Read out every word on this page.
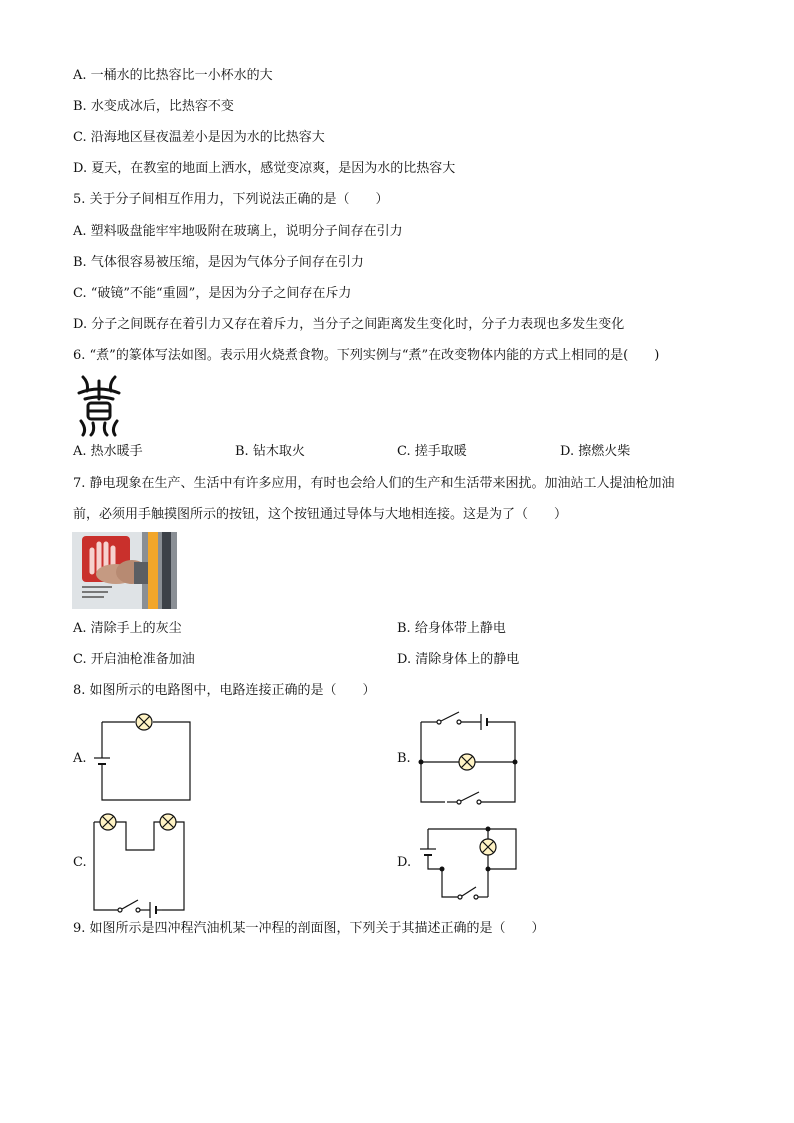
A. 一桶水的比热容比一小杯水的大
B. 水变成冰后，比热容不变
C. 沿海地区昼夜温差小是因为水的比热容大
D. 夏天，在教室的地面上洒水，感觉变凉爽，是因为水的比热容大
5. 关于分子间相互作用力，下列说法正确的是（　　）
A. 塑料吸盘能牢牢地吸附在玻璃上，说明分子间存在引力
B. 气体很容易被压缩，是因为气体分子间存在引力
C. “破镜”不能“重圆”，是因为分子之间存在斥力
D. 分子之间既存在着引力又存在着斥力，当分子之间距离发生变化时，分子力表现也多发生变化
6. “煮”的篆体写法如图。表示用火烧煮食物。下列实例与“煮”在改变物体内能的方式上相同的是(　　)
A. 热水暖手	B. 钻木取火	C. 搓手取暖	D. 擦燃火柴
7. 静电现象在生产、生活中有许多应用，有时也会给人们的生产和生活带来困扰。加油站工人提油枪加油
前，必须用手触摸图所示的按钮，这个按钮通过导体与大地相连接。这是为了（　　）
A. 清除手上的灰尘	B. 给身体带上静电
C. 开启油枪准备加油	D. 清除身体上的静电
8. 如图所示的电路图中，电路连接正确的是（　　）
A.	B.
C.	D.
9. 如图所示是四冲程汽油机某一冲程的剖面图，下列关于其描述正确的是（　　）
